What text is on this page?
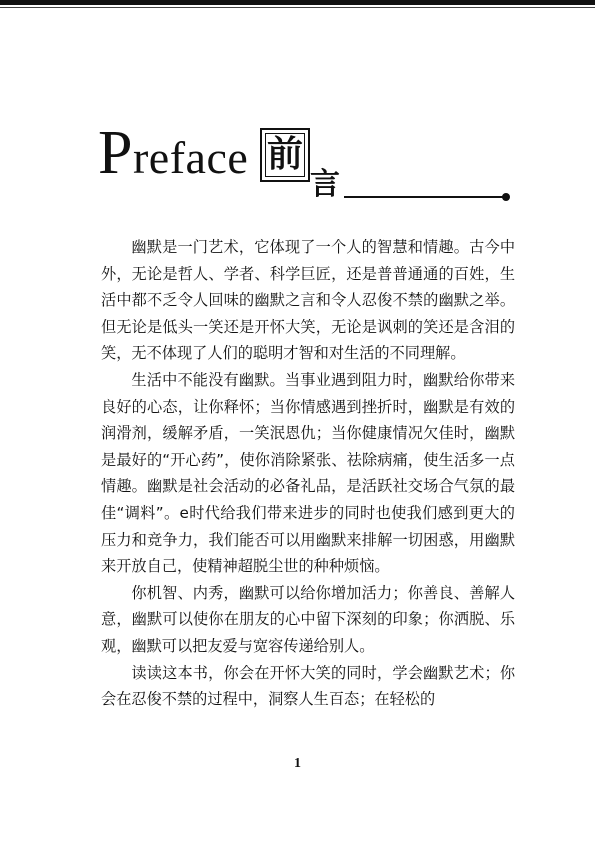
Preface 前
言

幽默是一门艺术，它体现了一个人的智慧和情趣。古今中外，无论是哲人、学者、科学巨匠，还是普普通通的百姓，生活中都不乏令人回味的幽默之言和令人忍俊不禁的幽默之举。但无论是低头一笑还是开怀大笑，无论是讽刺的笑还是含泪的笑，无不体现了人们的聪明才智和对生活的不同理解。

生活中不能没有幽默。当事业遇到阻力时，幽默给你带来良好的心态，让你释怀；当你情感遇到挫折时，幽默是有效的润滑剂，缓解矛盾，一笑泯恩仇；当你健康情况欠佳时，幽默是最好的“开心药”，使你消除紧张、祛除病痛，使生活多一点情趣。幽默是社会活动的必备礼品，是活跃社交场合气氛的最佳“调料”。e时代给我们带来进步的同时也使我们感到更大的压力和竞争力，我们能否可以用幽默来排解一切困惑，用幽默来开放自己，使精神超脱尘世的种种烦恼。

你机智、内秀，幽默可以给你增加活力；你善良、善解人意，幽默可以使你在朋友的心中留下深刻的印象；你洒脱、乐观，幽默可以把友爱与宽容传递给别人。

读读这本书，你会在开怀大笑的同时，学会幽默艺术；你会在忍俊不禁的过程中，洞察人生百态；在轻松的

1
